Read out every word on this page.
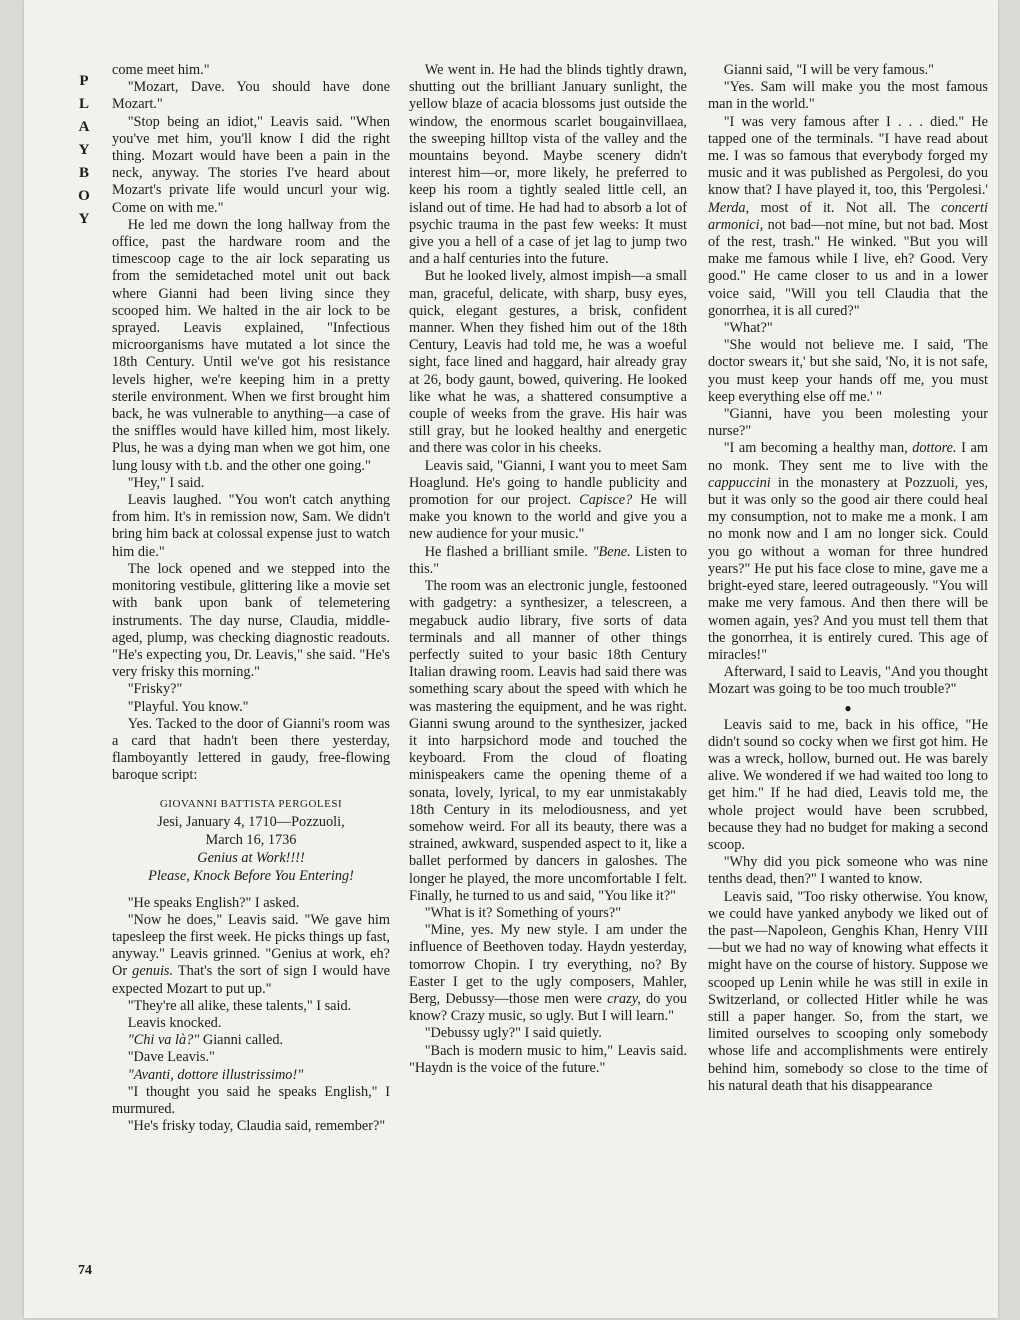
P
L
A
Y
B
O
Y
74

come meet him."

"Mozart, Dave. You should have done Mozart."

"Stop being an idiot," Leavis said. "When you've met him, you'll know I did the right thing. Mozart would have been a pain in the neck, anyway. The stories I've heard about Mozart's private life would uncurl your wig. Come on with me."

He led me down the long hallway from the office, past the hardware room and the timescoop cage to the air lock separating us from the semidetached motel unit out back where Gianni had been living since they scooped him. We halted in the air lock to be sprayed. Leavis explained, "Infectious microorganisms have mutated a lot since the 18th Century. Until we've got his resistance levels higher, we're keeping him in a pretty sterile environment. When we first brought him back, he was vulnerable to anything—a case of the sniffles would have killed him, most likely. Plus, he was a dying man when we got him, one lung lousy with t.b. and the other one going."

"Hey," I said.

Leavis laughed. "You won't catch anything from him. It's in remission now, Sam. We didn't bring him back at colossal expense just to watch him die."

The lock opened and we stepped into the monitoring vestibule, glittering like a movie set with bank upon bank of telemetering instruments. The day nurse, Claudia, middle-aged, plump, was checking diagnostic readouts. "He's expecting you, Dr. Leavis," she said. "He's very frisky this morning."

"Frisky?"

"Playful. You know."

Yes. Tacked to the door of Gianni's room was a card that hadn't been there yesterday, flamboyantly lettered in gaudy, free-flowing baroque script:

GIOVANNI BATTISTA PERGOLESI
Jesi, January 4, 1710—Pozzuoli,
March 16, 1736
Genius at Work!!!!
Please, Knock Before You Entering!

"He speaks English?" I asked.

"Now he does," Leavis said. "We gave him tapesleep the first week. He picks things up fast, anyway." Leavis grinned. "Genius at work, eh? Or genuis. That's the sort of sign I would have expected Mozart to put up."

"They're all alike, these talents," I said.

Leavis knocked.

"Chi va là?" Gianni called.

"Dave Leavis."

"Avanti, dottore illustrissimo!"

"I thought you said he speaks English," I murmured.

"He's frisky today, Claudia said, remember?"

We went in. He had the blinds tightly drawn, shutting out the brilliant January sunlight, the yellow blaze of acacia blossoms just outside the window, the enormous scarlet bougainvillaea, the sweeping hilltop vista of the valley and the mountains beyond. Maybe scenery didn't interest him—or, more likely, he preferred to keep his room a tightly sealed little cell, an island out of time. He had had to absorb a lot of psychic trauma in the past few weeks: It must give you a hell of a case of jet lag to jump two and a half centuries into the future.

But he looked lively, almost impish—a small man, graceful, delicate, with sharp, busy eyes, quick, elegant gestures, a brisk, confident manner. When they fished him out of the 18th Century, Leavis had told me, he was a woeful sight, face lined and haggard, hair already gray at 26, body gaunt, bowed, quivering. He looked like what he was, a shattered consumptive a couple of weeks from the grave. His hair was still gray, but he looked healthy and energetic and there was color in his cheeks.

Leavis said, "Gianni, I want you to meet Sam Hoaglund. He's going to handle publicity and promotion for our project. Capisce? He will make you known to the world and give you a new audience for your music."

He flashed a brilliant smile. "Bene. Listen to this."

The room was an electronic jungle, festooned with gadgetry: a synthesizer, a telescreen, a megabuck audio library, five sorts of data terminals and all manner of other things perfectly suited to your basic 18th Century Italian drawing room. Leavis had said there was something scary about the speed with which he was mastering the equipment, and he was right. Gianni swung around to the synthesizer, jacked it into harpsichord mode and touched the keyboard. From the cloud of floating minispeakers came the opening theme of a sonata, lovely, lyrical, to my ear unmistakably 18th Century in its melodiousness, and yet somehow weird. For all its beauty, there was a strained, awkward, suspended aspect to it, like a ballet performed by dancers in galoshes. The longer he played, the more uncomfortable I felt. Finally, he turned to us and said, "You like it?"

"What is it? Something of yours?"

"Mine, yes. My new style. I am under the influence of Beethoven today. Haydn yesterday, tomorrow Chopin. I try everything, no? By Easter I get to the ugly composers, Mahler, Berg, Debussy—those men were crazy, do you know? Crazy music, so ugly. But I will learn."

"Debussy ugly?" I said quietly.

"Bach is modern music to him," Leavis said. "Haydn is the voice of the future."

Gianni said, "I will be very famous."

"Yes. Sam will make you the most famous man in the world."

"I was very famous after I . . . died." He tapped one of the terminals. "I have read about me. I was so famous that everybody forged my music and it was published as Pergolesi, do you know that? I have played it, too, this 'Pergolesi.' Merda, most of it. Not all. The concerti armonici, not bad—not mine, but not bad. Most of the rest, trash." He winked. "But you will make me famous while I live, eh? Good. Very good." He came closer to us and in a lower voice said, "Will you tell Claudia that the gonorrhea, it is all cured?"

"What?"

"She would not believe me. I said, 'The doctor swears it,' but she said, 'No, it is not safe, you must keep your hands off me, you must keep everything else off me.' "

"Gianni, have you been molesting your nurse?"

"I am becoming a healthy man, dottore. I am no monk. They sent me to live with the cappuccini in the monastery at Pozzuoli, yes, but it was only so the good air there could heal my consumption, not to make me a monk. I am no monk now and I am no longer sick. Could you go without a woman for three hundred years?" He put his face close to mine, gave me a bright-eyed stare, leered outrageously. "You will make me very famous. And then there will be women again, yes? And you must tell them that the gonorrhea, it is entirely cured. This age of miracles!"

Afterward, I said to Leavis, "And you thought Mozart was going to be too much trouble?"

●

Leavis said to me, back in his office, "He didn't sound so cocky when we first got him. He was a wreck, hollow, burned out. He was barely alive. We wondered if we had waited too long to get him." If he had died, Leavis told me, the whole project would have been scrubbed, because they had no budget for making a second scoop.

"Why did you pick someone who was nine tenths dead, then?" I wanted to know.

Leavis said, "Too risky otherwise. You know, we could have yanked anybody we liked out of the past—Napoleon, Genghis Khan, Henry VIII—but we had no way of knowing what effects it might have on the course of history. Suppose we scooped up Lenin while he was still in exile in Switzerland, or collected Hitler while he was still a paper hanger. So, from the start, we limited ourselves to scooping only somebody whose life and accomplishments were entirely behind him, somebody so close to the time of his natural death that his disappearance
